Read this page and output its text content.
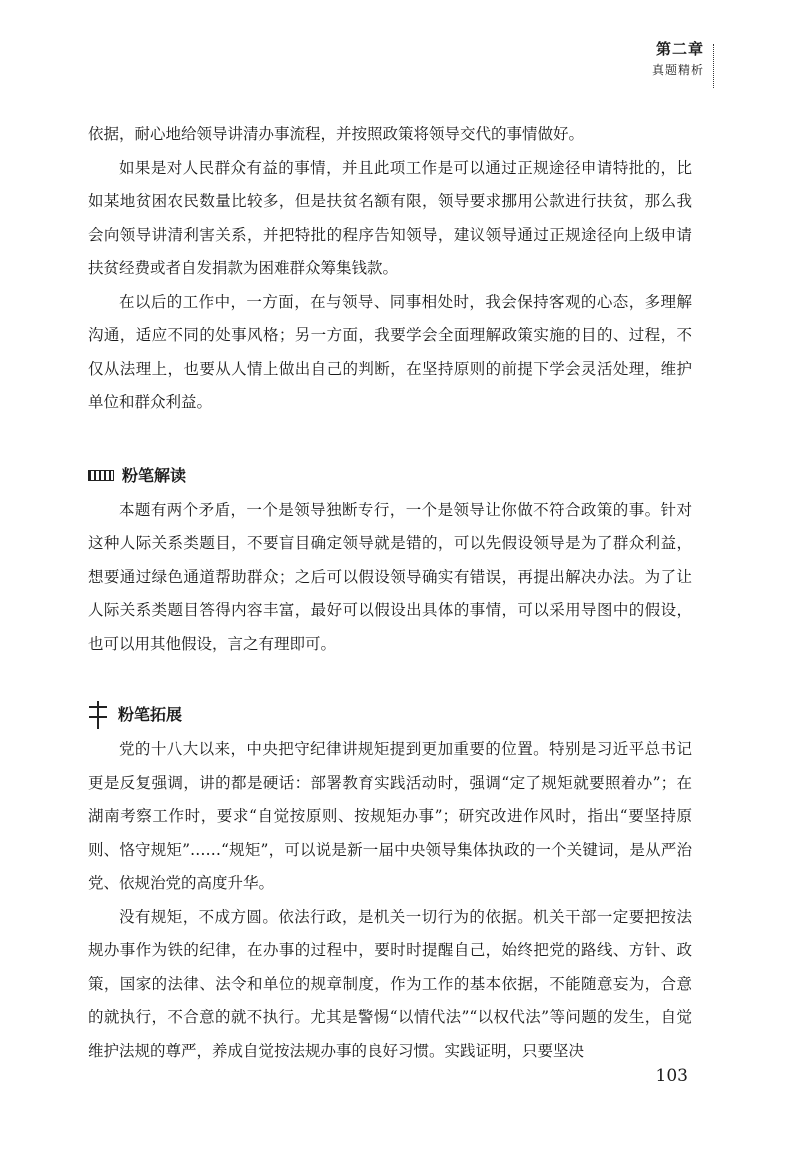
第二章
真题精析

依据，耐心地给领导讲清办事流程，并按照政策将领导交代的事情做好。

如果是对人民群众有益的事情，并且此项工作是可以通过正规途径申请特批的，比如某地贫困农民数量比较多，但是扶贫名额有限，领导要求挪用公款进行扶贫，那么我会向领导讲清利害关系，并把特批的程序告知领导，建议领导通过正规途径向上级申请扶贫经费或者自发捐款为困难群众筹集钱款。

在以后的工作中，一方面，在与领导、同事相处时，我会保持客观的心态，多理解沟通，适应不同的处事风格；另一方面，我要学会全面理解政策实施的目的、过程，不仅从法理上，也要从人情上做出自己的判断，在坚持原则的前提下学会灵活处理，维护单位和群众利益。

粉笔解读

本题有两个矛盾，一个是领导独断专行，一个是领导让你做不符合政策的事。针对这种人际关系类题目，不要盲目确定领导就是错的，可以先假设领导是为了群众利益，想要通过绿色通道帮助群众；之后可以假设领导确实有错误，再提出解决办法。为了让人际关系类题目答得内容丰富，最好可以假设出具体的事情，可以采用导图中的假设，也可以用其他假设，言之有理即可。

粉笔拓展

党的十八大以来，中央把守纪律讲规矩提到更加重要的位置。特别是习近平总书记更是反复强调，讲的都是硬话：部署教育实践活动时，强调“定了规矩就要照着办”；在湖南考察工作时，要求“自觉按原则、按规矩办事”；研究改进作风时，指出“要坚持原则、恪守规矩”……“规矩”，可以说是新一届中央领导集体执政的一个关键词，是从严治党、依规治党的高度升华。

没有规矩，不成方圆。依法行政，是机关一切行为的依据。机关干部一定要把按法规办事作为铁的纪律，在办事的过程中，要时时提醒自己，始终把党的路线、方针、政策，国家的法律、法令和单位的规章制度，作为工作的基本依据，不能随意妄为，合意的就执行，不合意的就不执行。尤其是警惕“以情代法”“以权代法”等问题的发生，自觉维护法规的尊严，养成自觉按法规办事的良好习惯。实践证明，只要坚决

103
